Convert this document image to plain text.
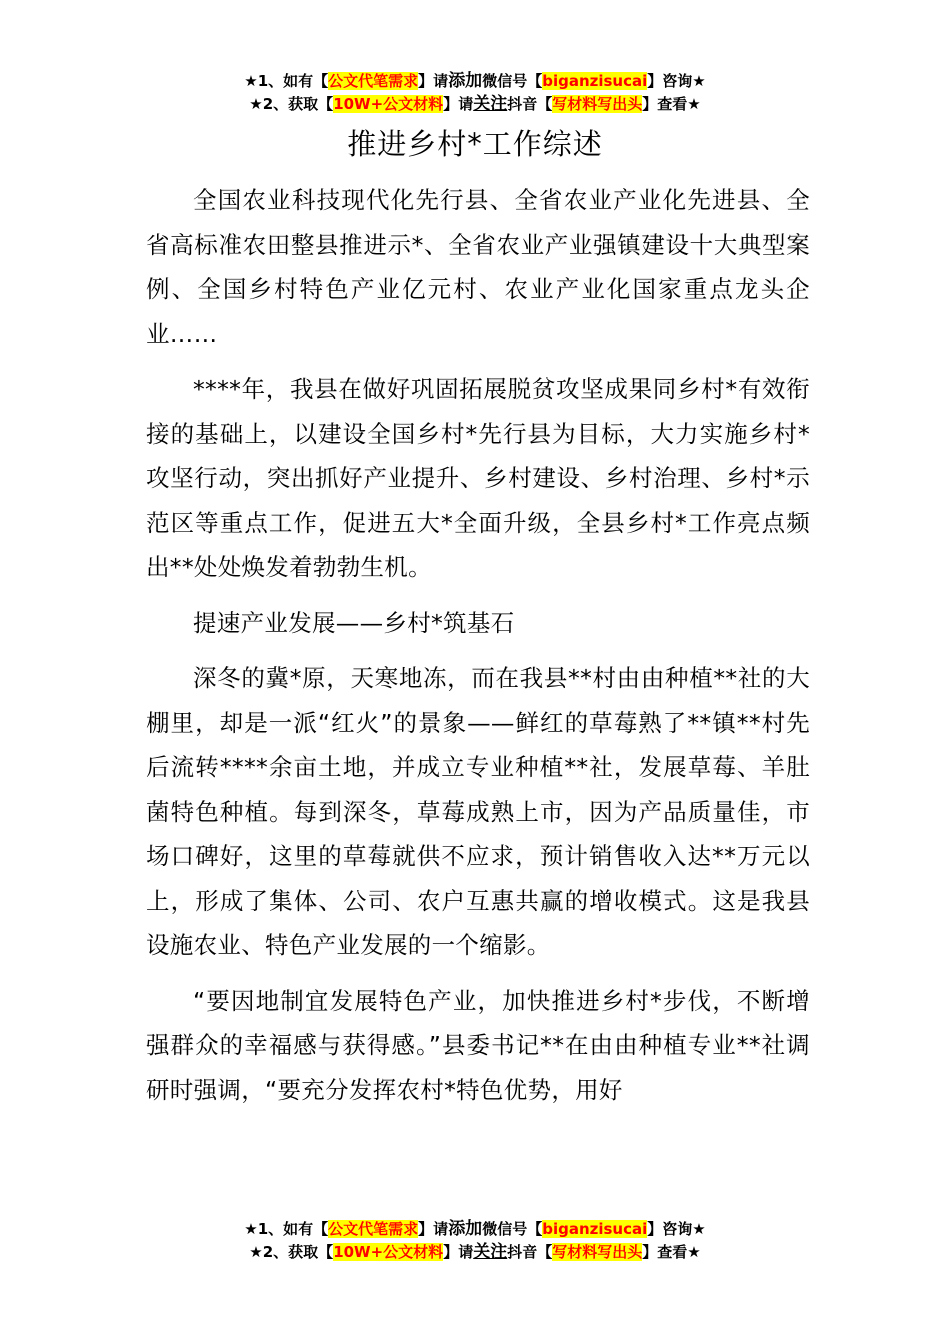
★1、如有【公文代笔需求】请添加微信号【biganzisucai】咨询★
★2、获取【10W+公文材料】请关注抖音【写材料写出头】查看★
推进乡村*工作综述

全国农业科技现代化先行县、全省农业产业化先进县、全省高标准农田整县推进示*、全省农业产业强镇建设十大典型案例、全国乡村特色产业亿元村、农业产业化国家重点龙头企业……

****年，我县在做好巩固拓展脱贫攻坚成果同乡村*有效衔接的基础上，以建设全国乡村*先行县为目标，大力实施乡村*攻坚行动，突出抓好产业提升、乡村建设、乡村治理、乡村*示范区等重点工作，促进五大*全面升级，全县乡村*工作亮点频出**处处焕发着勃勃生机。

提速产业发展——乡村*筑基石

深冬的冀*原，天寒地冻，而在我县**村由由种植**社的大棚里，却是一派“红火”的景象——鲜红的草莓熟了**镇**村先后流转****余亩土地，并成立专业种植**社，发展草莓、羊肚菌特色种植。每到深冬，草莓成熟上市，因为产品质量佳，市场口碑好，这里的草莓就供不应求，预计销售收入达**万元以上，形成了集体、公司、农户互惠共赢的增收模式。这是我县设施农业、特色产业发展的一个缩影。

“要因地制宜发展特色产业，加快推进乡村*步伐，不断增强群众的幸福感与获得感。”县委书记**在由由种植专业**社调研时强调，“要充分发挥农村*特色优势，用好

★1、如有【公文代笔需求】请添加微信号【biganzisucai】咨询★
★2、获取【10W+公文材料】请关注抖音【写材料写出头】查看★
